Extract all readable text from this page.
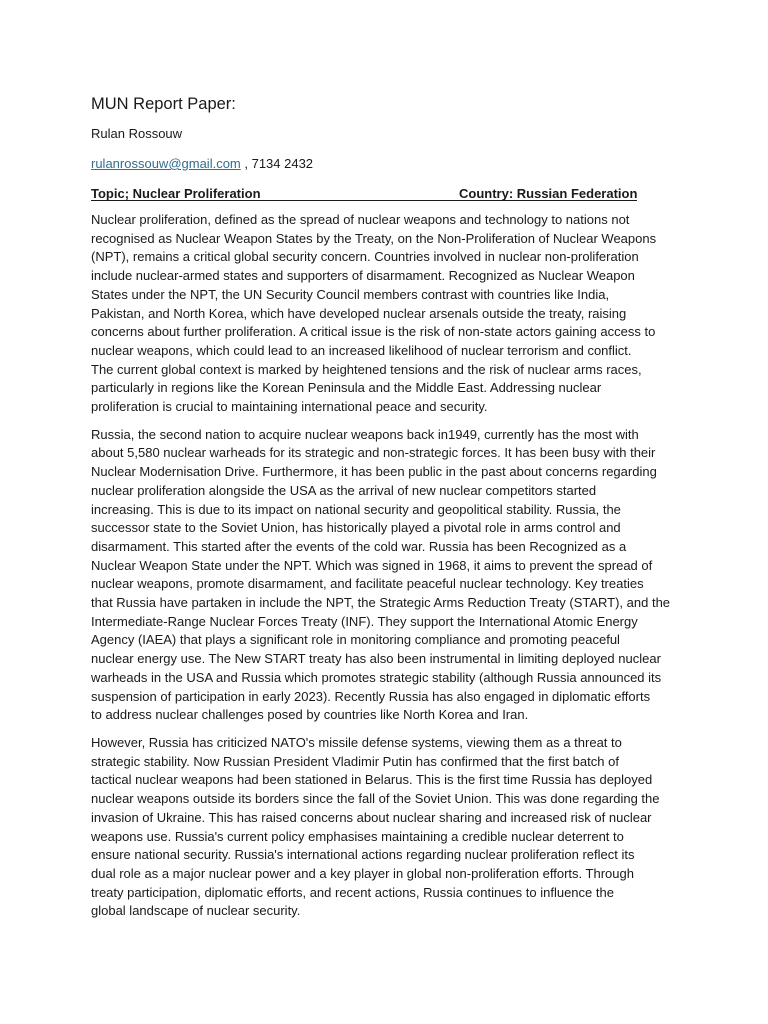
MUN Report Paper:
Rulan Rossouw
rulanrossouw@gmail.com , 7134 2432
Topic; Nuclear Proliferation	Country: Russian Federation

Nuclear proliferation, defined as the spread of nuclear weapons and technology to nations not
recognised as Nuclear Weapon States by the Treaty, on the Non-Proliferation of Nuclear Weapons
(NPT), remains a critical global security concern. Countries involved in nuclear non-proliferation
include nuclear-armed states and supporters of disarmament. Recognized as Nuclear Weapon
States under the NPT, the UN Security Council members contrast with countries like India,
Pakistan, and North Korea, which have developed nuclear arsenals outside the treaty, raising
concerns about further proliferation. A critical issue is the risk of non-state actors gaining access to
nuclear weapons, which could lead to an increased likelihood of nuclear terrorism and conflict.
The current global context is marked by heightened tensions and the risk of nuclear arms races,
particularly in regions like the Korean Peninsula and the Middle East. Addressing nuclear
proliferation is crucial to maintaining international peace and security.

Russia, the second nation to acquire nuclear weapons back in1949, currently has the most with
about 5,580 nuclear warheads for its strategic and non-strategic forces. It has been busy with their
Nuclear Modernisation Drive. Furthermore, it has been public in the past about concerns regarding
nuclear proliferation alongside the USA as the arrival of new nuclear competitors started
increasing. This is due to its impact on national security and geopolitical stability. Russia, the
successor state to the Soviet Union, has historically played a pivotal role in arms control and
disarmament. This started after the events of the cold war. Russia has been Recognized as a
Nuclear Weapon State under the NPT. Which was signed in 1968, it aims to prevent the spread of
nuclear weapons, promote disarmament, and facilitate peaceful nuclear technology. Key treaties
that Russia have partaken in include the NPT, the Strategic Arms Reduction Treaty (START), and the
Intermediate-Range Nuclear Forces Treaty (INF). They support the International Atomic Energy
Agency (IAEA) that plays a significant role in monitoring compliance and promoting peaceful
nuclear energy use. The New START treaty has also been instrumental in limiting deployed nuclear
warheads in the USA and Russia which promotes strategic stability (although Russia announced its
suspension of participation in early 2023). Recently Russia has also engaged in diplomatic efforts
to address nuclear challenges posed by countries like North Korea and Iran.

However, Russia has criticized NATO's missile defense systems, viewing them as a threat to
strategic stability. Now Russian President Vladimir Putin has confirmed that the first batch of
tactical nuclear weapons had been stationed in Belarus. This is the first time Russia has deployed
nuclear weapons outside its borders since the fall of the Soviet Union. This was done regarding the
invasion of Ukraine. This has raised concerns about nuclear sharing and increased risk of nuclear
weapons use. Russia's current policy emphasises maintaining a credible nuclear deterrent to
ensure national security. Russia's international actions regarding nuclear proliferation reflect its
dual role as a major nuclear power and a key player in global non-proliferation efforts. Through
treaty participation, diplomatic efforts, and recent actions, Russia continues to influence the
global landscape of nuclear security.
